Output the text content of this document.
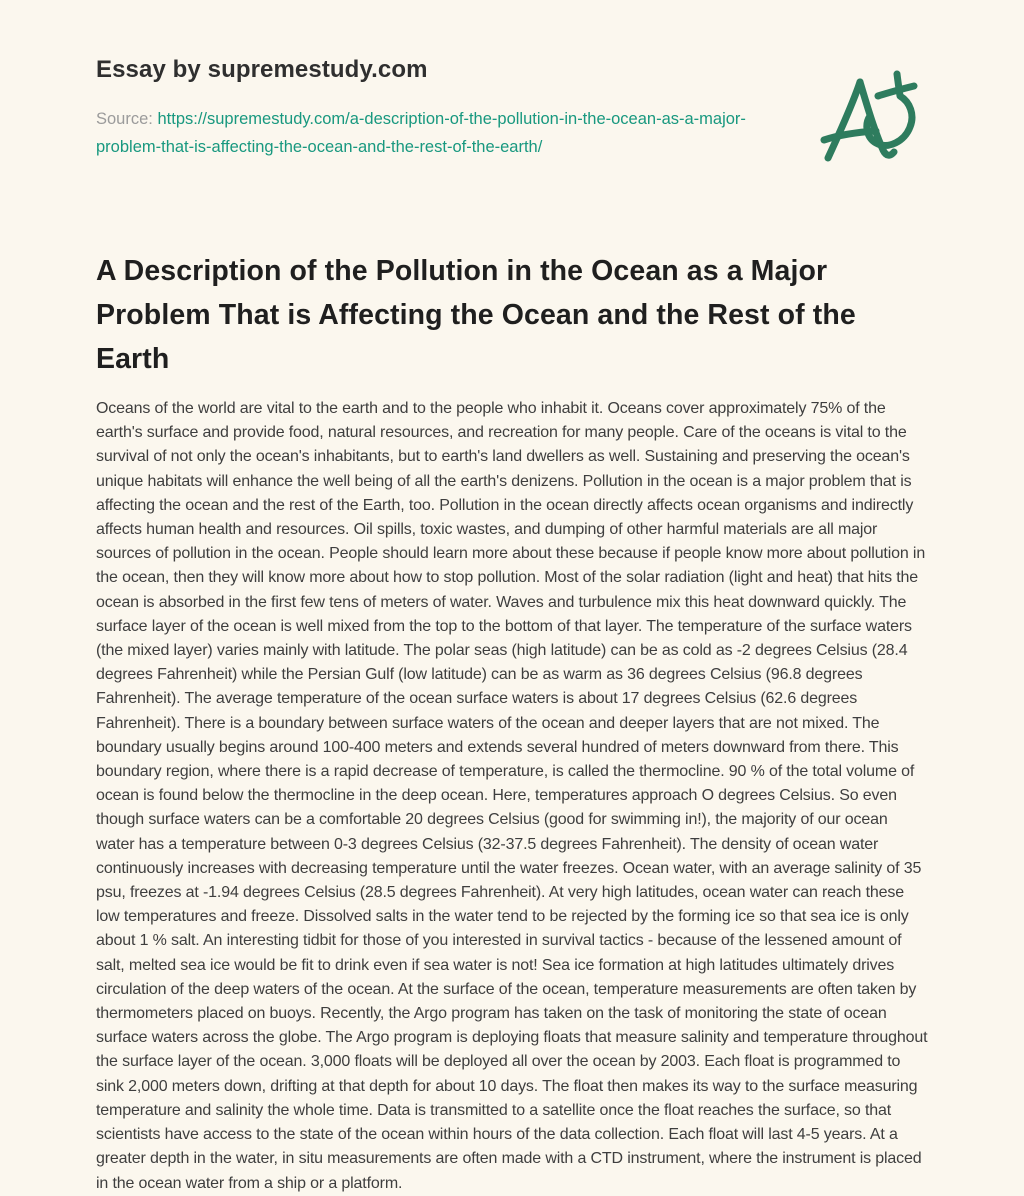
Essay by supremestudy.com

Source: https://supremestudy.com/a-description-of-the-pollution-in-the-ocean-as-a-major-problem-that-is-affecting-the-ocean-and-the-rest-of-the-earth/

A Description of the Pollution in the Ocean as a Major Problem That is Affecting the Ocean and the Rest of the Earth

Oceans of the world are vital to the earth and to the people who inhabit it. Oceans cover approximately 75% of the earth's surface and provide food, natural resources, and recreation for many people. Care of the oceans is vital to the survival of not only the ocean's inhabitants, but to earth's land dwellers as well. Sustaining and preserving the ocean's unique habitats will enhance the well being of all the earth's denizens. Pollution in the ocean is a major problem that is affecting the ocean and the rest of the Earth, too. Pollution in the ocean directly affects ocean organisms and indirectly affects human health and resources. Oil spills, toxic wastes, and dumping of other harmful materials are all major sources of pollution in the ocean. People should learn more about these because if people know more about pollution in the ocean, then they will know more about how to stop pollution. Most of the solar radiation (light and heat) that hits the ocean is absorbed in the first few tens of meters of water. Waves and turbulence mix this heat downward quickly. The surface layer of the ocean is well mixed from the top to the bottom of that layer. The temperature of the surface waters (the mixed layer) varies mainly with latitude. The polar seas (high latitude) can be as cold as -2 degrees Celsius (28.4 degrees Fahrenheit) while the Persian Gulf (low latitude) can be as warm as 36 degrees Celsius (96.8 degrees Fahrenheit). The average temperature of the ocean surface waters is about 17 degrees Celsius (62.6 degrees Fahrenheit). There is a boundary between surface waters of the ocean and deeper layers that are not mixed. The boundary usually begins around 100-400 meters and extends several hundred of meters downward from there. This boundary region, where there is a rapid decrease of temperature, is called the thermocline. 90 % of the total volume of ocean is found below the thermocline in the deep ocean. Here, temperatures approach O degrees Celsius. So even though surface waters can be a comfortable 20 degrees Celsius (good for swimming in!), the majority of our ocean water has a temperature between 0-3 degrees Celsius (32-37.5 degrees Fahrenheit). The density of ocean water continuously increases with decreasing temperature until the water freezes. Ocean water, with an average salinity of 35 psu, freezes at -1.94 degrees Celsius (28.5 degrees Fahrenheit). At very high latitudes, ocean water can reach these low temperatures and freeze. Dissolved salts in the water tend to be rejected by the forming ice so that sea ice is only about 1 % salt. An interesting tidbit for those of you interested in survival tactics - because of the lessened amount of salt, melted sea ice would be fit to drink even if sea water is not! Sea ice formation at high latitudes ultimately drives circulation of the deep waters of the ocean. At the surface of the ocean, temperature measurements are often taken by thermometers placed on buoys. Recently, the Argo program has taken on the task of monitoring the state of ocean surface waters across the globe. The Argo program is deploying floats that measure salinity and temperature throughout the surface layer of the ocean. 3,000 floats will be deployed all over the ocean by 2003. Each float is programmed to sink 2,000 meters down, drifting at that depth for about 10 days. The float then makes its way to the surface measuring temperature and salinity the whole time. Data is transmitted to a satellite once the float reaches the surface, so that scientists have access to the state of the ocean within hours of the data collection. Each float will last 4-5 years. At a greater depth in the water, in situ measurements are often made with a CTD instrument, where the instrument is placed in the ocean water from a ship or a platform.
